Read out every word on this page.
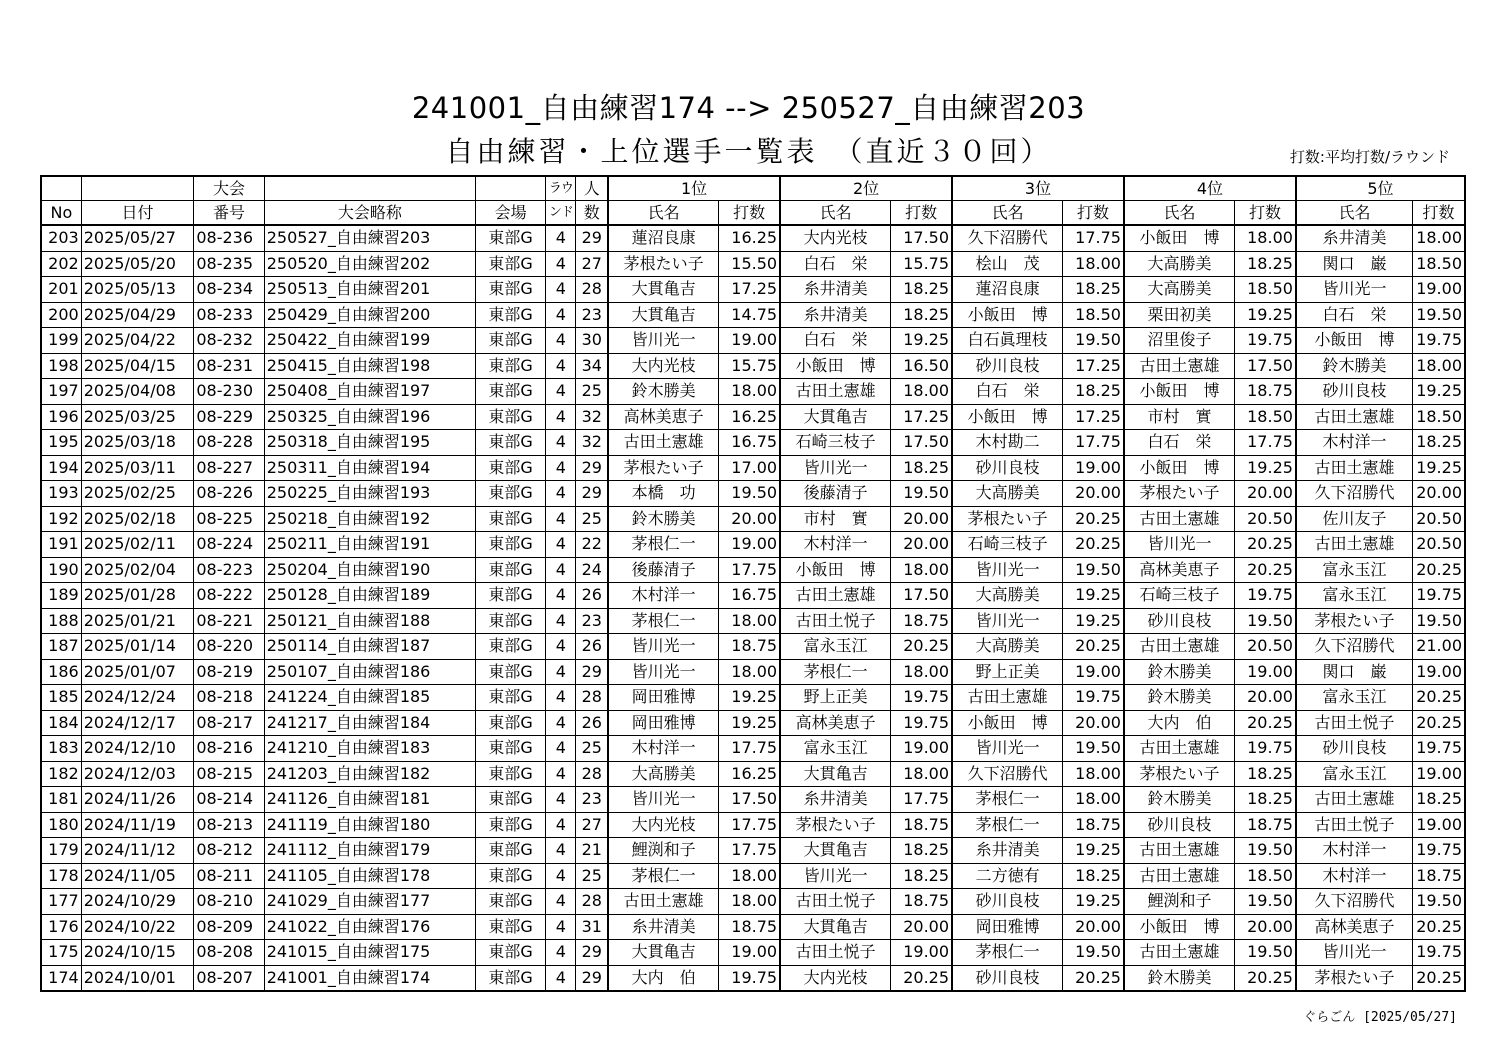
241001_自由練習174 --> 250527_自由練習203
自由練習・上位選手一覧表　（直近３０回）	打数:平均打数/ラウンド
		大会			ラウ	人	1位		2位		3位		4位		5位	
No	日付	番号	大会略称	会場	ンド	数	氏名	打数	氏名	打数	氏名	打数	氏名	打数	氏名	打数
203	2025/05/27	08-236	250527_自由練習203	東部G	4	29	蓮沼良康	16.25	大内光枝	17.50	久下沼勝代	17.75	小飯田　博	18.00	糸井清美	18.00
202	2025/05/20	08-235	250520_自由練習202	東部G	4	27	茅根たい子	15.50	白石　栄	15.75	桧山　茂	18.00	大高勝美	18.25	関口　巌	18.50
201	2025/05/13	08-234	250513_自由練習201	東部G	4	28	大貫亀吉	17.25	糸井清美	18.25	蓮沼良康	18.25	大高勝美	18.50	皆川光一	19.00
200	2025/04/29	08-233	250429_自由練習200	東部G	4	23	大貫亀吉	14.75	糸井清美	18.25	小飯田　博	18.50	栗田初美	19.25	白石　栄	19.50
199	2025/04/22	08-232	250422_自由練習199	東部G	4	30	皆川光一	19.00	白石　栄	19.25	白石眞理枝	19.50	沼里俊子	19.75	小飯田　博	19.75
198	2025/04/15	08-231	250415_自由練習198	東部G	4	34	大内光枝	15.75	小飯田　博	16.50	砂川良枝	17.25	古田土憲雄	17.50	鈴木勝美	18.00
197	2025/04/08	08-230	250408_自由練習197	東部G	4	25	鈴木勝美	18.00	古田土憲雄	18.00	白石　栄	18.25	小飯田　博	18.75	砂川良枝	19.25
196	2025/03/25	08-229	250325_自由練習196	東部G	4	32	高林美恵子	16.25	大貫亀吉	17.25	小飯田　博	17.25	市村　實	18.50	古田土憲雄	18.50
195	2025/03/18	08-228	250318_自由練習195	東部G	4	32	古田土憲雄	16.75	石崎三枝子	17.50	木村勘二	17.75	白石　栄	17.75	木村洋一	18.25
194	2025/03/11	08-227	250311_自由練習194	東部G	4	29	茅根たい子	17.00	皆川光一	18.25	砂川良枝	19.00	小飯田　博	19.25	古田土憲雄	19.25
193	2025/02/25	08-226	250225_自由練習193	東部G	4	29	本橋　功	19.50	後藤清子	19.50	大高勝美	20.00	茅根たい子	20.00	久下沼勝代	20.00
192	2025/02/18	08-225	250218_自由練習192	東部G	4	25	鈴木勝美	20.00	市村　實	20.00	茅根たい子	20.25	古田土憲雄	20.50	佐川友子	20.50
191	2025/02/11	08-224	250211_自由練習191	東部G	4	22	茅根仁一	19.00	木村洋一	20.00	石崎三枝子	20.25	皆川光一	20.25	古田土憲雄	20.50
190	2025/02/04	08-223	250204_自由練習190	東部G	4	24	後藤清子	17.75	小飯田　博	18.00	皆川光一	19.50	高林美恵子	20.25	富永玉江	20.25
189	2025/01/28	08-222	250128_自由練習189	東部G	4	26	木村洋一	16.75	古田土憲雄	17.50	大高勝美	19.25	石崎三枝子	19.75	富永玉江	19.75
188	2025/01/21	08-221	250121_自由練習188	東部G	4	23	茅根仁一	18.00	古田土悦子	18.75	皆川光一	19.25	砂川良枝	19.50	茅根たい子	19.50
187	2025/01/14	08-220	250114_自由練習187	東部G	4	26	皆川光一	18.75	富永玉江	20.25	大高勝美	20.25	古田土憲雄	20.50	久下沼勝代	21.00
186	2025/01/07	08-219	250107_自由練習186	東部G	4	29	皆川光一	18.00	茅根仁一	18.00	野上正美	19.00	鈴木勝美	19.00	関口　巌	19.00
185	2024/12/24	08-218	241224_自由練習185	東部G	4	28	岡田雅博	19.25	野上正美	19.75	古田土憲雄	19.75	鈴木勝美	20.00	富永玉江	20.25
184	2024/12/17	08-217	241217_自由練習184	東部G	4	26	岡田雅博	19.25	高林美恵子	19.75	小飯田　博	20.00	大内　伯	20.25	古田土悦子	20.25
183	2024/12/10	08-216	241210_自由練習183	東部G	4	25	木村洋一	17.75	富永玉江	19.00	皆川光一	19.50	古田土憲雄	19.75	砂川良枝	19.75
182	2024/12/03	08-215	241203_自由練習182	東部G	4	28	大高勝美	16.25	大貫亀吉	18.00	久下沼勝代	18.00	茅根たい子	18.25	富永玉江	19.00
181	2024/11/26	08-214	241126_自由練習181	東部G	4	23	皆川光一	17.50	糸井清美	17.75	茅根仁一	18.00	鈴木勝美	18.25	古田土憲雄	18.25
180	2024/11/19	08-213	241119_自由練習180	東部G	4	27	大内光枝	17.75	茅根たい子	18.75	茅根仁一	18.75	砂川良枝	18.75	古田土悦子	19.00
179	2024/11/12	08-212	241112_自由練習179	東部G	4	21	鯉渕和子	17.75	大貫亀吉	18.25	糸井清美	19.25	古田土憲雄	19.50	木村洋一	19.75
178	2024/11/05	08-211	241105_自由練習178	東部G	4	25	茅根仁一	18.00	皆川光一	18.25	二方徳有	18.25	古田土憲雄	18.50	木村洋一	18.75
177	2024/10/29	08-210	241029_自由練習177	東部G	4	28	古田土憲雄	18.00	古田土悦子	18.75	砂川良枝	19.25	鯉渕和子	19.50	久下沼勝代	19.50
176	2024/10/22	08-209	241022_自由練習176	東部G	4	31	糸井清美	18.75	大貫亀吉	20.00	岡田雅博	20.00	小飯田　博	20.00	高林美恵子	20.25
175	2024/10/15	08-208	241015_自由練習175	東部G	4	29	大貫亀吉	19.00	古田土悦子	19.00	茅根仁一	19.50	古田土憲雄	19.50	皆川光一	19.75
174	2024/10/01	08-207	241001_自由練習174	東部G	4	29	大内　伯	19.75	大内光枝	20.25	砂川良枝	20.25	鈴木勝美	20.25	茅根たい子	20.25
ぐらごん [2025/05/27]
